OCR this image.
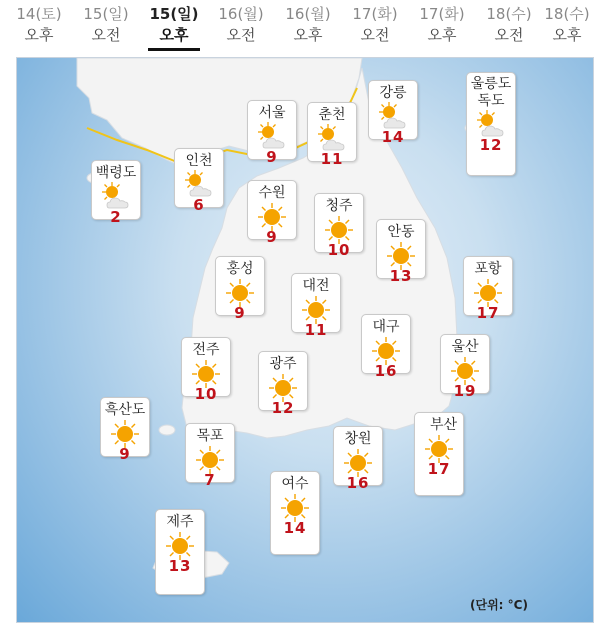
14(토)
오후
15(일)
오전
15(일)
오후
16(월)
오전
16(월)
오후
17(화)
오전
17(화)
오후
18(수)
오전
18(수)
오후
백령도
2
인천
6
서울
9
춘천
11
강릉
14
울릉도
독도
12
수원
9
청주
10
안동
13
홍성
9
대전
11
포항
17
대구
16
전주
10
광주
12
울산
19
흑산도
9
목포
7
창원
16
부산
17
여수
14
제주
13
(단위: °C)
